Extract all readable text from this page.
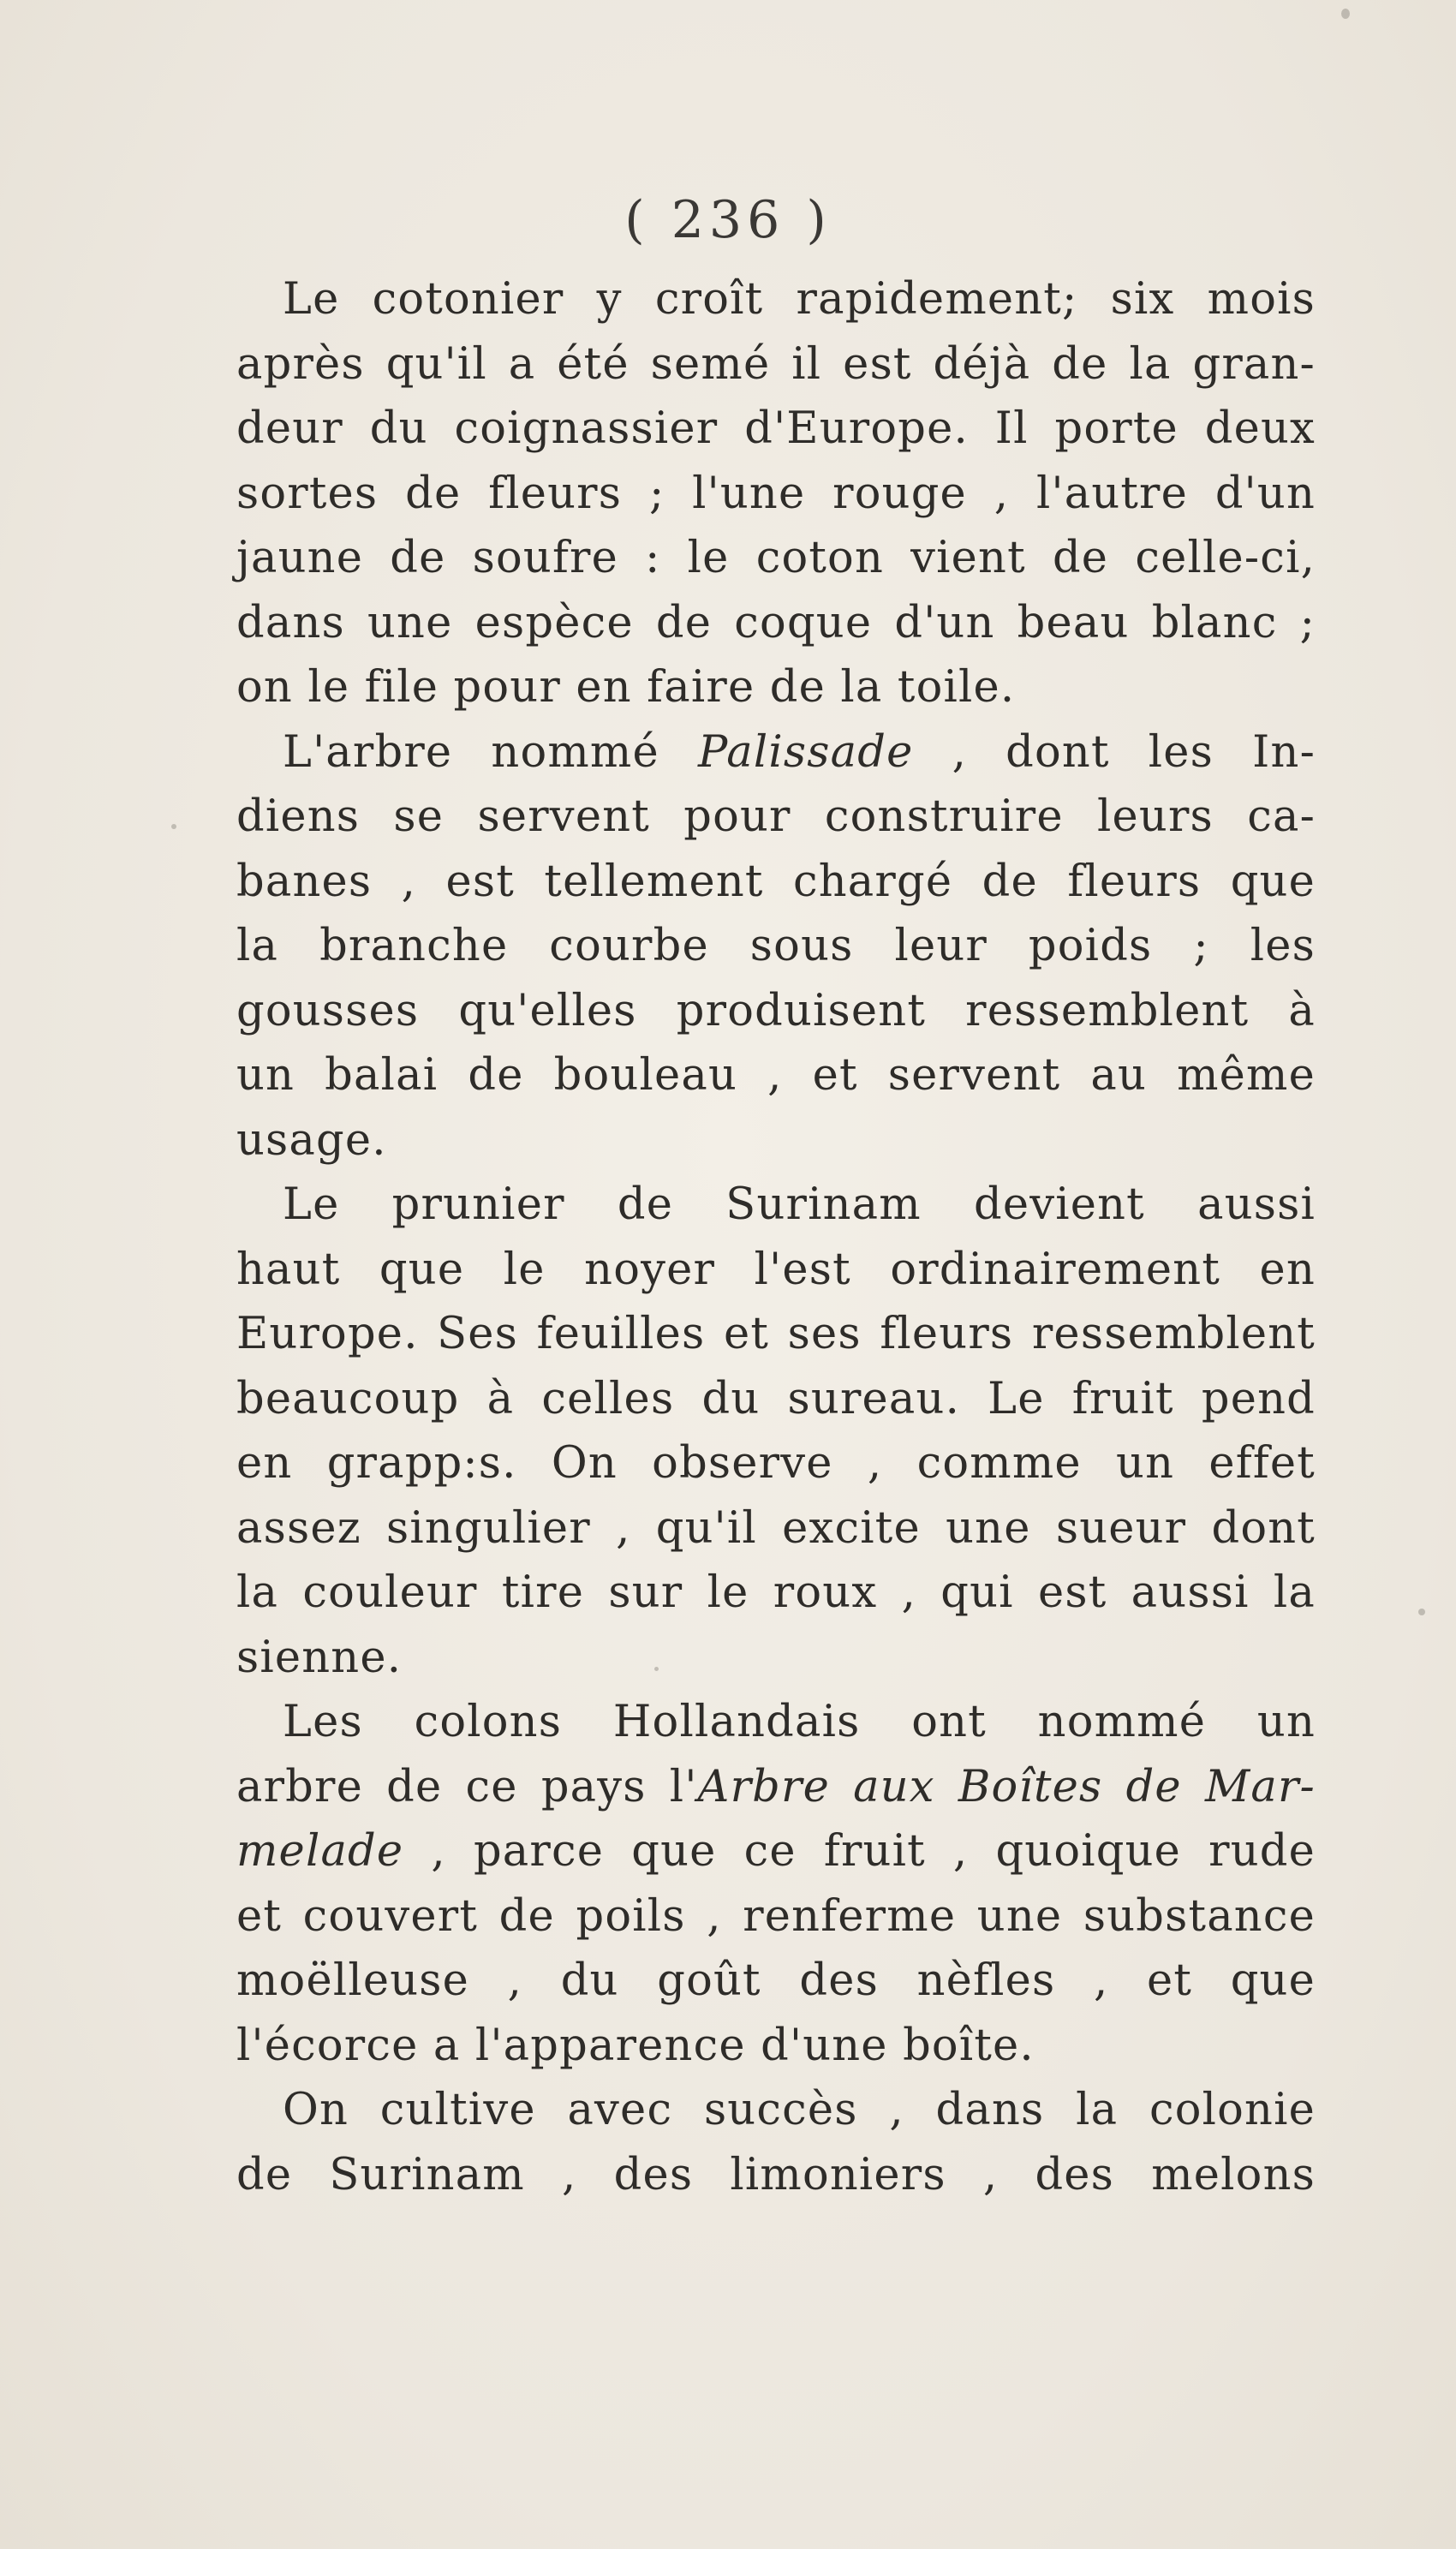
( 236 )
Le cotonier y croît rapidement; six mois
après qu'il a été semé il est déjà de la gran-
deur du coignassier d'Europe. Il porte deux
sortes de fleurs ; l'une rouge , l'autre d'un
jaune de soufre : le coton vient de celle-ci,
dans une espèce de coque d'un beau blanc ;
on le file pour en faire de la toile.
L'arbre nommé Palissade , dont les In-
diens se servent pour construire leurs ca-
banes , est tellement chargé de fleurs que
la branche courbe sous leur poids ; les
gousses qu'elles produisent ressemblent à
un balai de bouleau , et servent au même
usage.
Le prunier de Surinam devient aussi
haut que le noyer l'est ordinairement en
Europe. Ses feuilles et ses fleurs ressemblent
beaucoup à celles du sureau. Le fruit pend
en grapp:s. On observe , comme un effet
assez singulier , qu'il excite une sueur dont
la couleur tire sur le roux , qui est aussi la
sienne.
Les colons Hollandais ont nommé un
arbre de ce pays l'Arbre aux Boîtes de Mar-
melade , parce que ce fruit , quoique rude
et couvert de poils , renferme une substance
moëlleuse , du goût des nèfles , et que
l'écorce a l'apparence d'une boîte.
On cultive avec succès , dans la colonie
de Surinam , des limoniers , des melons
